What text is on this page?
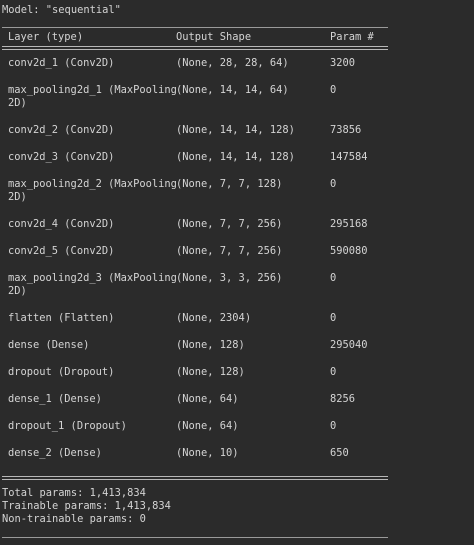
Model: "sequential"
Layer (type)	Output Shape	Param #
conv2d_1 (Conv2D)	(None, 28, 28, 64)	3200
max_pooling2d_1 (MaxPooling
2D)
(None, 14, 14, 64)	0
conv2d_2 (Conv2D)	(None, 14, 14, 128)	73856
conv2d_3 (Conv2D)	(None, 14, 14, 128)	147584
max_pooling2d_2 (MaxPooling
2D)
(None, 7, 7, 128)	0
conv2d_4 (Conv2D)	(None, 7, 7, 256)	295168
conv2d_5 (Conv2D)	(None, 7, 7, 256)	590080
max_pooling2d_3 (MaxPooling
2D)
(None, 3, 3, 256)	0
flatten (Flatten)	(None, 2304)	0
dense (Dense)	(None, 128)	295040
dropout (Dropout)	(None, 128)	0
dense_1 (Dense)	(None, 64)	8256
dropout_1 (Dropout)	(None, 64)	0
dense_2 (Dense)	(None, 10)	650
Total params: 1,413,834
Trainable params: 1,413,834
Non-trainable params: 0
